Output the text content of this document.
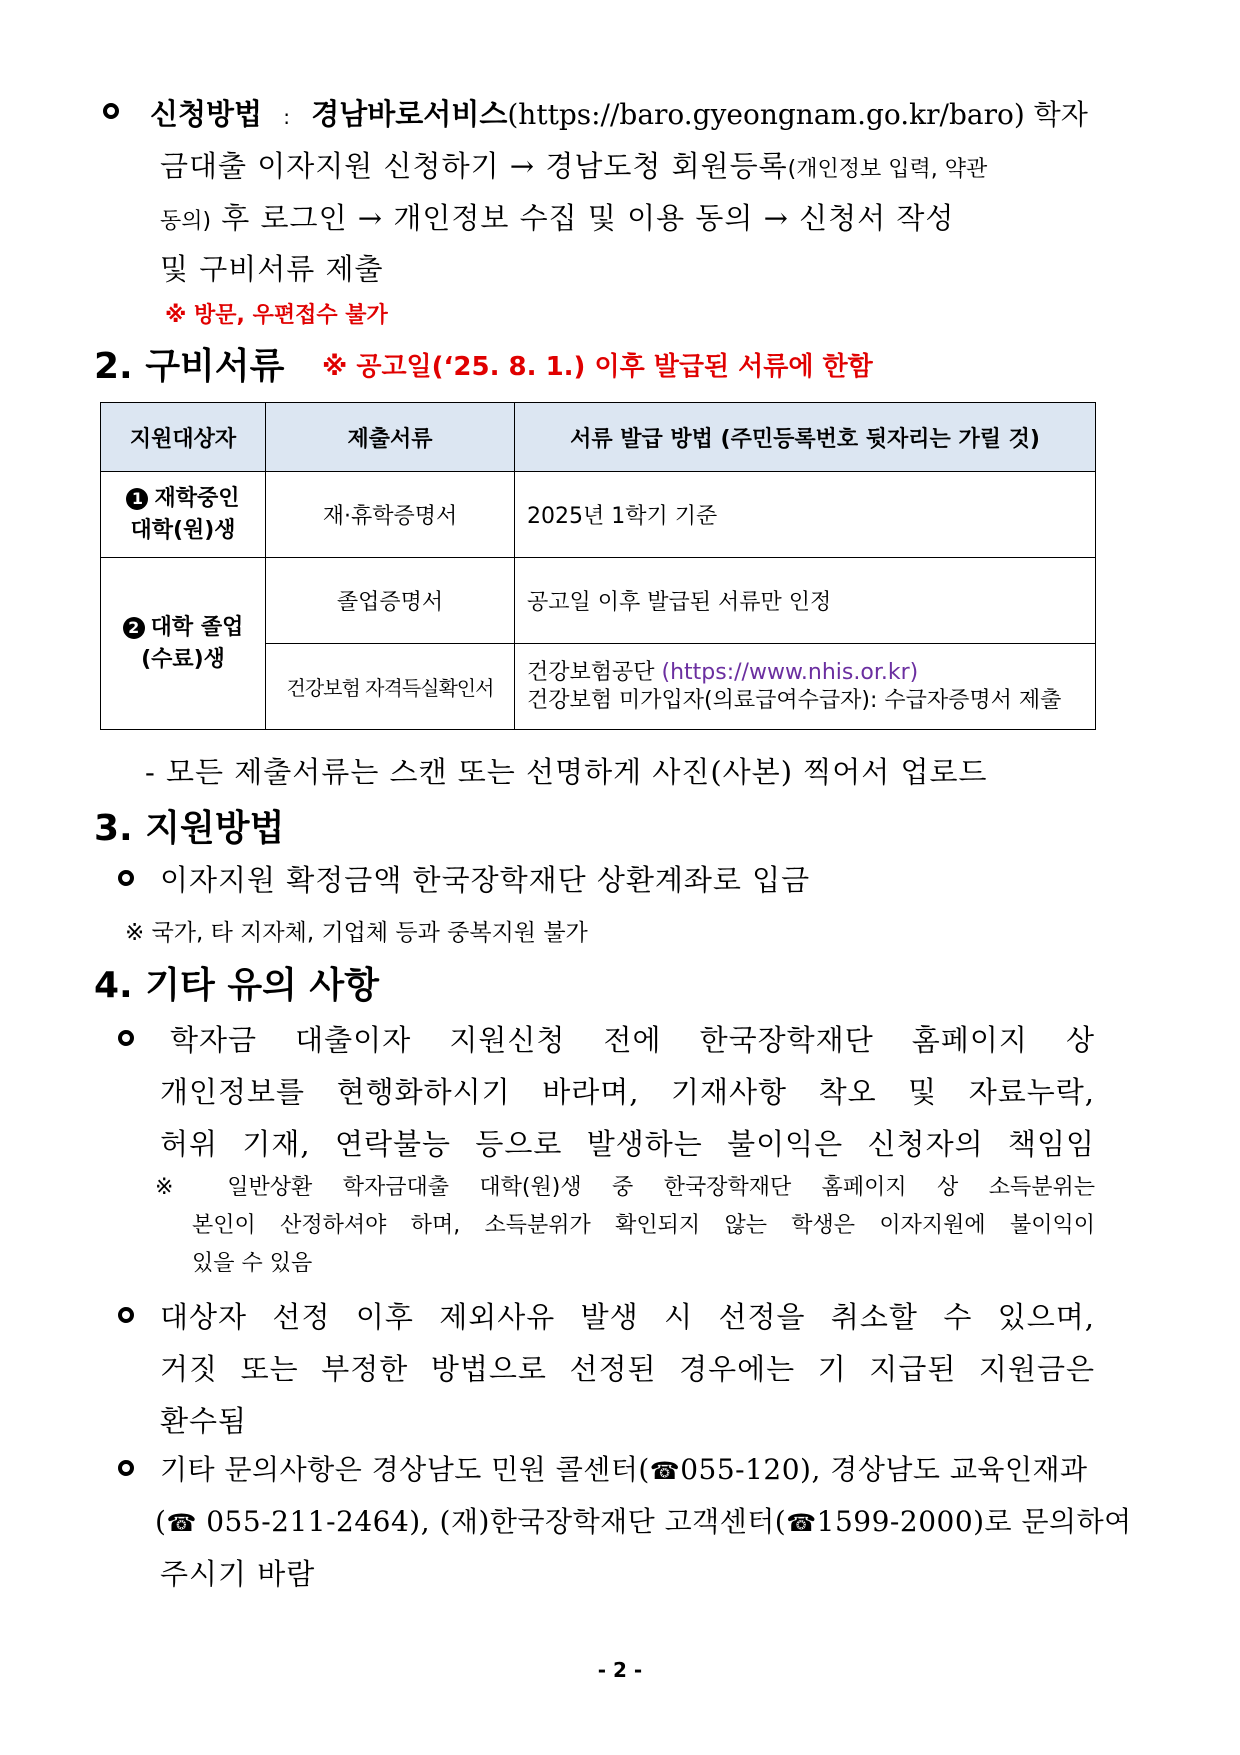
신청방법 : 경남바로서비스(https://baro.gyeongnam.go.kr/baro) 학자
금대출 이자지원 신청하기 → 경남도청 회원등록(개인정보 입력, 약관
동의) 후 로그인 → 개인정보 수집 및 이용 동의 → 신청서 작성
및 구비서류 제출
※ 방문, 우편접수 불가
2. 구비서류 ※ 공고일(‘25. 8. 1.) 이후 발급된 서류에 한함
지원대상자	제출서류	서류 발급 방법 (주민등록번호 뒷자리는 가릴 것)
1 재학중인
대학(원)생	재·휴학증명서	2025년 1학기 기준
2 대학 졸업
(수료)생	졸업증명서	공고일 이후 발급된 서류만 인정
	건강보험 자격득실확인서	건강보험공단 (https://www.nhis.or.kr)
건강보험 미가입자(의료급여수급자): 수급자증명서 제출
- 모든 제출서류는 스캔 또는 선명하게 사진(사본) 찍어서 업로드
3. 지원방법
이자지원 확정금액 한국장학재단 상환계좌로 입금
※ 국가, 타 지자체, 기업체 등과 중복지원 불가
4. 기타 유의 사항
학자금 대출이자 지원신청 전에 한국장학재단 홈페이지 상
개인정보를 현행화하시기 바라며, 기재사항 착오 및 자료누락,
허위 기재, 연락불능 등으로 발생하는 불이익은 신청자의 책임임
※ 일반상환 학자금대출 대학(원)생 중 한국장학재단 홈페이지 상 소득분위는
본인이 산정하셔야 하며, 소득분위가 확인되지 않는 학생은 이자지원에 불이익이
있을 수 있음
대상자 선정 이후 제외사유 발생 시 선정을 취소할 수 있으며,
거짓 또는 부정한 방법으로 선정된 경우에는 기 지급된 지원금은
환수됨
기타 문의사항은 경상남도 민원 콜센터(☎055-120), 경상남도 교육인재과
(☎ 055-211-2464), (재)한국장학재단 고객센터(☎1599-2000)로 문의하여
주시기 바람
- 2 -
